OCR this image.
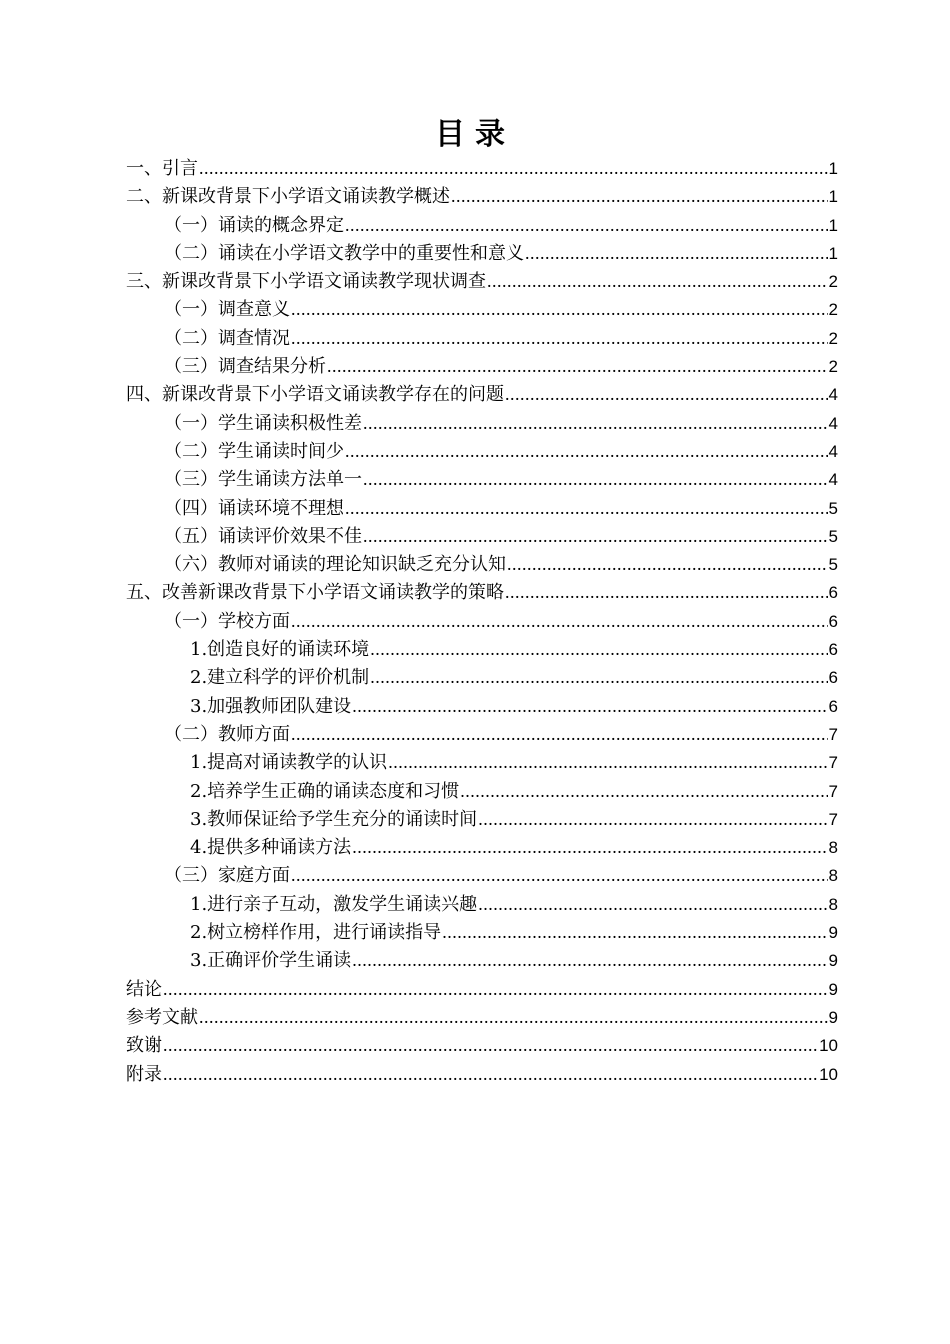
目录
一、引言 .....	1
二、新课改背景下小学语文诵读教学概述 .....	1
（一）诵读的概念界定 .....	1
（二）诵读在小学语文教学中的重要性和意义 .....	1
三、新课改背景下小学语文诵读教学现状调查 .....	2
（一）调查意义 .....	2
（二）调查情况 .....	2
（三）调查结果分析 .....	2
四、新课改背景下小学语文诵读教学存在的问题 .....	4
（一）学生诵读积极性差 .....	4
（二）学生诵读时间少 .....	4
（三）学生诵读方法单一 .....	4
（四）诵读环境不理想 .....	5
（五）诵读评价效果不佳 .....	5
（六）教师对诵读的理论知识缺乏充分认知 .....	5
五、改善新课改背景下小学语文诵读教学的策略 .....	6
（一）学校方面 .....	6
1.创造良好的诵读环境 .....	6
2.建立科学的评价机制 .....	6
3.加强教师团队建设 .....	6
（二）教师方面 .....	7
1.提高对诵读教学的认识 .....	7
2.培养学生正确的诵读态度和习惯 .....	7
3.教师保证给予学生充分的诵读时间 .....	7
4.提供多种诵读方法 .....	8
（三）家庭方面 .....	8
1.进行亲子互动，激发学生诵读兴趣 .....	8
2.树立榜样作用，进行诵读指导 .....	9
3.正确评价学生诵读 .....	9
结论 .....	9
参考文献 .....	9
致谢 .....	10
附录 .....	10
